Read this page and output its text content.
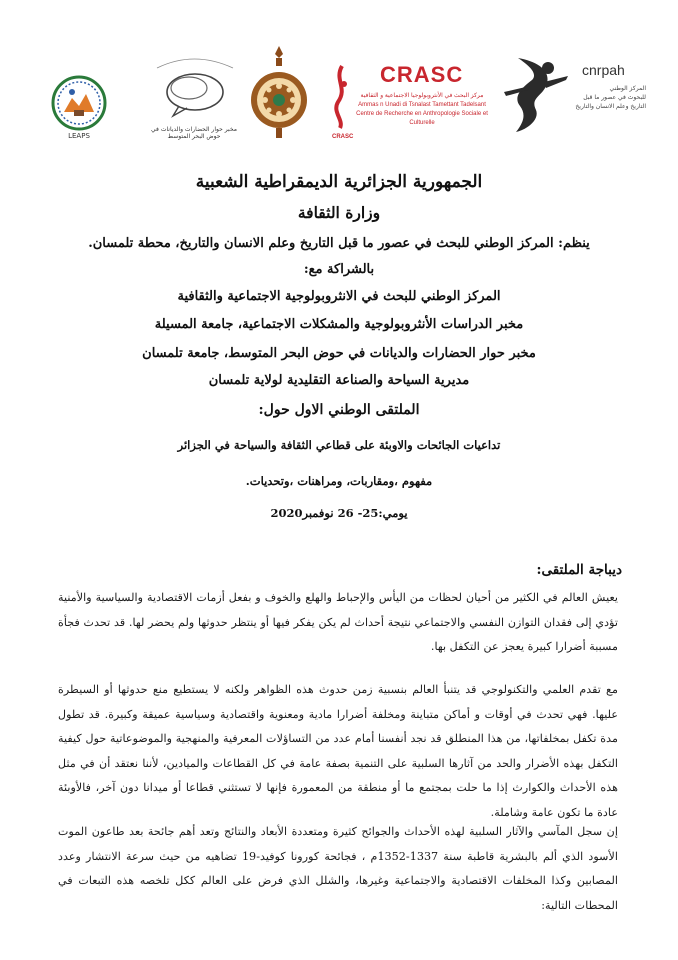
LEAPS
مخبر حوار الحضارات والديانات في حوض البحر المتوسط
CRASC
مركز البحث في الأنثروبولوجيا الاجتماعية و الثقافية
Ammas n Unadi di Tsnalast Tamettant Tadelsant
Centre de Recherche en Anthropologie Sociale et Culturelle
CRASC
cnrpah
المركز الوطني
للبحوث في عصور ما قبل
التاريخ وعلم الانسان والتاريخ
الجمهورية الجزائرية الديمقراطية الشعبية
وزارة الثقافة
ينظم: المركز الوطني للبحث في عصور ما قبل التاريخ وعلم الانسان والتاريخ، محطة تلمسان.
بالشراكة مع:
المركز الوطني للبحث في الانثروبولوجية الاجتماعية والثقافية
مخبر الدراسات الأنثروبولوجية والمشكلات الاجتماعية، جامعة المسيلة
مخبر حوار الحضارات والديانات في حوض البحر المتوسط، جامعة تلمسان
مديرية السياحة والصناعة التقليدية لولاية تلمسان
الملتقى الوطني الاول حول:
تداعيات الجائحات والاوبئة على قطاعي الثقافة والسياحة في الجزائر
مفهوم ،ومقاربات، ومراهنات ،وتحديات.
يومي:25- 26 نوفمبر2020
ديباجة الملتقى:

يعيش العالم في الكثير من أحيان لحظات من اليأس والإحباط والهلع والخوف و بفعل أزمات الاقتصادية والسياسية والأمنية تؤدي إلى فقدان التوازن النفسي والاجتماعي نتيجة أحداث لم يكن يفكر فيها أو ينتظر حدوثها ولم يحضر لها. قد تحدث فجأة مسببة أضرارا كبيرة يعجز عن التكفل بها.

مع تقدم العلمي والتكنولوجي قد يتنبأ العالم بنسبية زمن حدوث هذه الظواهر ولكنه لا يستطيع منع حدوثها أو السيطرة عليها. فهي تحدث في أوقات و أماكن متباينة ومخلفة أضرارا مادية ومعنوية واقتصادية وسياسية عميقة وكبيرة. قد تطول مدة تكفل بمخلفاتها، من هذا المنطلق قد نجد أنفسنا أمام عدد من التساؤلات المعرفية والمنهجية والموضوعاتية حول كيفية التكفل بهذه الأضرار والحد من آثارها السلبية على التنمية بصفة عامة في كل القطاعات والميادين، لأننا نعتقد أن في مثل هذه الأحداث والكوارث إذا ما حلت بمجتمع ما أو منطقة من المعمورة فإنها لا تستثني قطاعا أو ميدانا دون آخر، فالأوبئة عادة ما تكون عامة وشاملة.

إن سجل المآسي والآثار السلبية لهذه الأحداث والجوائح كثيرة ومتعددة الأبعاد والنتائج وتعد أهم جائحة بعد طاعون الموت الأسود الذي ألم بالبشرية قاطبة سنة 1337-1352م ، فجائحة كورونا كوفيد-19 تضاهيه من حيث سرعة الانتشار وعدد المصابين وكذا المخلفات الاقتصادية والاجتماعية وغيرها، والشلل الذي فرض على العالم ككل تلخصه هذه التبعات في المحطات التالية:
